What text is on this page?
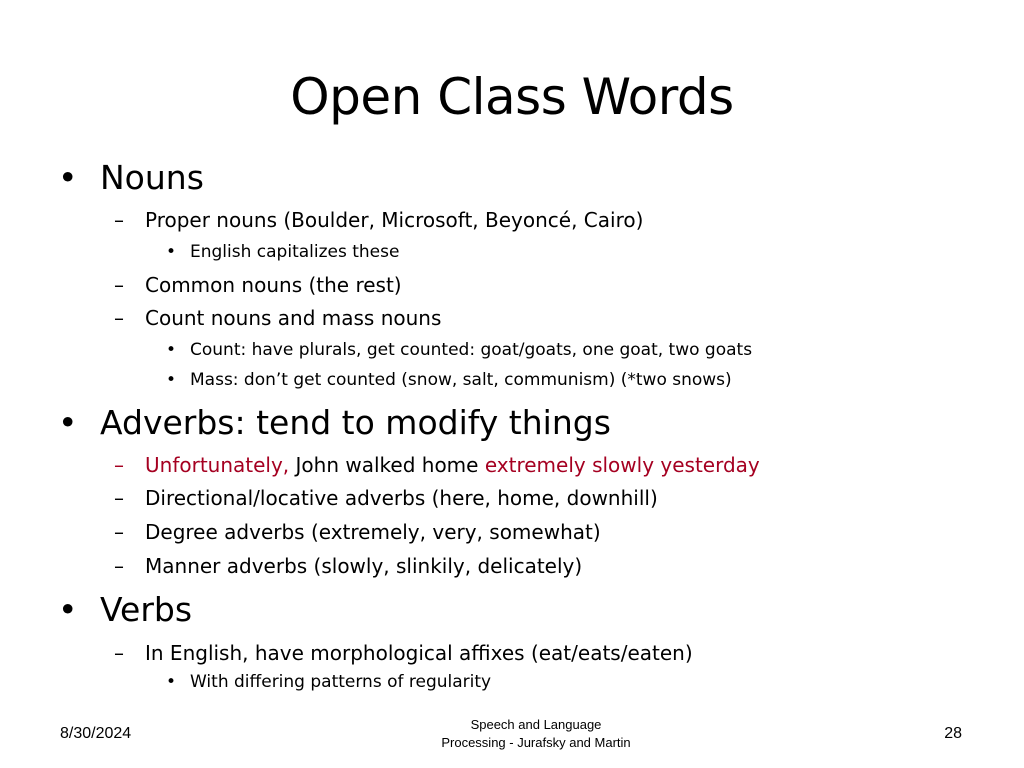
Open Class Words
• Nouns
– Proper nouns (Boulder, Microsoft, Beyoncé, Cairo)
• English capitalizes these
– Common nouns (the rest)
– Count nouns and mass nouns
• Count: have plurals, get counted: goat/goats, one goat, two goats
• Mass: don’t get counted (snow, salt, communism) (*two snows)
• Adverbs: tend to modify things
– Unfortunately, John walked home extremely slowly yesterday
– Directional/locative adverbs (here, home, downhill)
– Degree adverbs (extremely, very, somewhat)
– Manner adverbs (slowly, slinkily, delicately)
• Verbs
– In English, have morphological affixes (eat/eats/eaten)
• With differing patterns of regularity
8/30/2024
Speech and Language
Processing - Jurafsky and Martin
28
